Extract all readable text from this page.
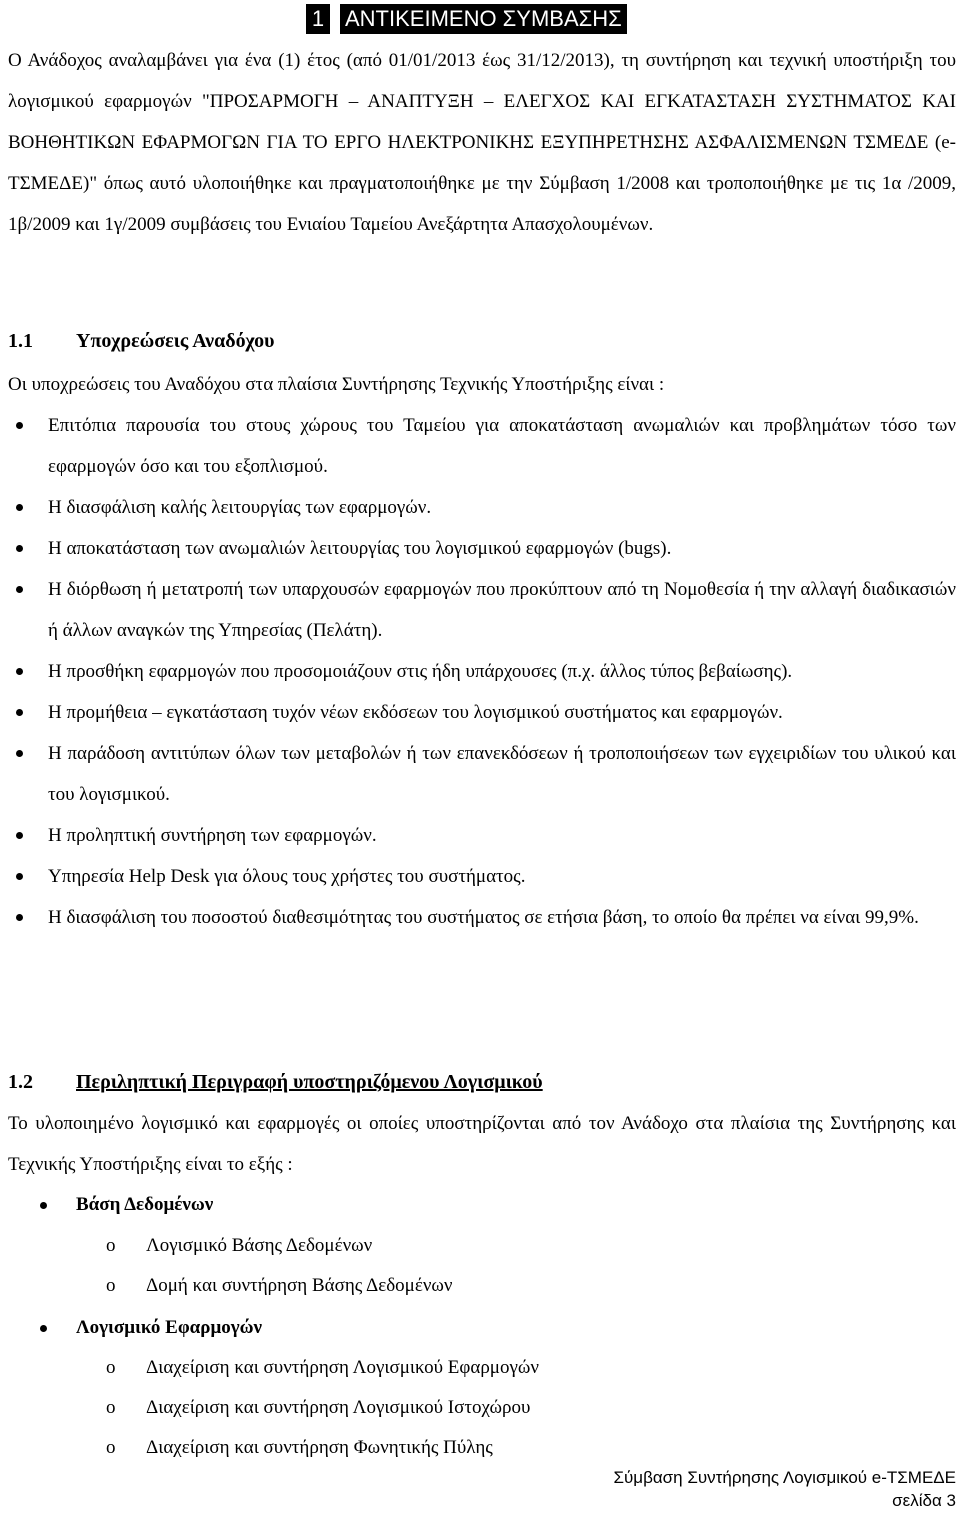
1 ΑΝΤΙΚΕΙΜΕΝΟ ΣΥΜΒΑΣΗΣ

Ο Ανάδοχος αναλαμβάνει για ένα (1) έτος (από 01/01/2013 έως 31/12/2013), τη συντήρηση και τεχνική υποστήριξη του λογισμικού εφαρμογών "ΠΡΟΣΑΡΜΟΓΗ – ΑΝΑΠΤΥΞΗ – ΕΛΕΓΧΟΣ ΚΑΙ ΕΓΚΑΤΑΣΤΑΣΗ ΣΥΣΤΗΜΑΤΟΣ ΚΑΙ ΒΟΗΘΗΤΙΚΩΝ ΕΦΑΡΜΟΓΩΝ ΓΙΑ ΤΟ ΕΡΓΟ ΗΛΕΚΤΡΟΝΙΚΗΣ ΕΞΥΠΗΡΕΤΗΣΗΣ ΑΣΦΑΛΙΣΜΕΝΩΝ ΤΣΜΕΔΕ (e-ΤΣΜΕΔΕ)" όπως αυτό υλοποιήθηκε και πραγματοποιήθηκε με την Σύμβαση 1/2008 και τροποποιήθηκε με τις 1α /2009, 1β/2009 και 1γ/2009 συμβάσεις του Ενιαίου Ταμείου Ανεξάρτητα Απασχολουμένων.

1.1 Υποχρεώσεις Αναδόχου

Οι υποχρεώσεις του Αναδόχου στα πλαίσια Συντήρησης Τεχνικής Υποστήριξης είναι :

Επιτόπια παρουσία του στους χώρους του Ταμείου για αποκατάσταση ανωμαλιών και προβλημάτων τόσο των εφαρμογών όσο και του εξοπλισμού.
Η διασφάλιση καλής λειτουργίας των εφαρμογών.
Η αποκατάσταση των ανωμαλιών λειτουργίας του λογισμικού εφαρμογών (bugs).
Η διόρθωση ή μετατροπή των υπαρχουσών εφαρμογών που προκύπτουν από τη Νομοθεσία ή την αλλαγή διαδικασιών ή άλλων αναγκών της Υπηρεσίας (Πελάτη).
Η προσθήκη εφαρμογών που προσομοιάζουν στις ήδη υπάρχουσες (π.χ. άλλος τύπος βεβαίωσης).
Η προμήθεια – εγκατάσταση τυχόν νέων εκδόσεων του λογισμικού συστήματος και εφαρμογών.
Η παράδοση αντιτύπων όλων των μεταβολών ή των επανεκδόσεων ή τροποποιήσεων των εγχειριδίων του υλικού και του λογισμικού.
Η προληπτική συντήρηση των εφαρμογών.
Υπηρεσία Help Desk για όλους τους χρήστες του συστήματος.
Η διασφάλιση του ποσοστού διαθεσιμότητας του συστήματος σε ετήσια βάση, το οποίο θα πρέπει να είναι 99,9%.
1.2 Περιληπτική Περιγραφή υποστηριζόμενου Λογισμικού

Το υλοποιημένο λογισμικό και εφαρμογές οι οποίες υποστηρίζονται από τον Ανάδοχο στα πλαίσια της Συντήρησης και Τεχνικής Υποστήριξης είναι το εξής :

Βάση Δεδομένων
o Λογισμικό Βάσης Δεδομένων
o Δομή και συντήρηση Βάσης Δεδομένων
Λογισμικό Εφαρμογών
o Διαχείριση και συντήρηση Λογισμικού Εφαρμογών
o Διαχείριση και συντήρηση Λογισμικού Ιστοχώρου
o Διαχείριση και συντήρηση Φωνητικής Πύλης
Σύμβαση Συντήρησης Λογισμικού e-ΤΣΜΕΔΕ
σελίδα 3
